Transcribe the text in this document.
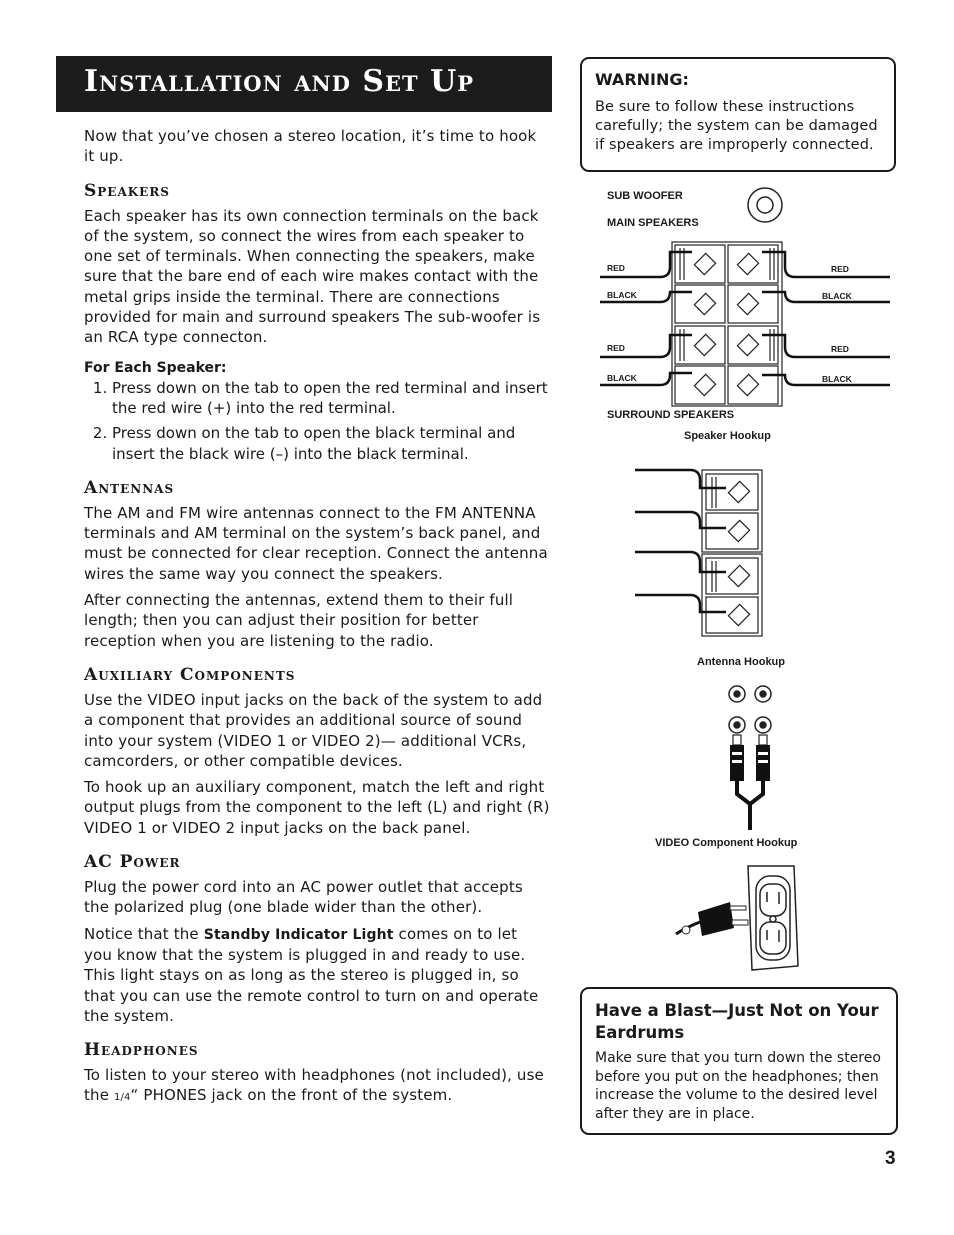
Installation and Set Up

Now that you’ve chosen a stereo location, it’s time to hook it up.

Speakers

Each speaker has its own connection terminals on the back of the system, so connect the wires from each speaker to one set of terminals. When connecting the speakers, make sure that the bare end of each wire makes contact with the metal grips inside the terminal. There are connections provided for main and surround speakers The sub-woofer is an RCA type connecton.

For Each Speaker:
1. Press down on the tab to open the red terminal and insert the red wire (+) into the red terminal.
2. Press down on the tab to open the black terminal and insert the black wire (–) into the black terminal.
Antennas

The AM and FM wire antennas connect to the FM ANTENNA terminals and AM terminal on the system’s back panel, and must be connected for clear reception. Connect the antenna wires the same way you connect the speakers.

After connecting the antennas, extend them to their full length; then you can adjust their position for better reception when you are listening to the radio.

Auxiliary Components

Use the VIDEO input jacks on the back of the system to add a component that provides an additional source of sound into your system (VIDEO 1 or VIDEO 2)— additional VCRs, camcorders, or other compatible devices.

To hook up an auxiliary component, match the left and right output plugs from the component to the left (L) and right (R) VIDEO 1 or VIDEO 2 input jacks on the back panel.

AC Power

Plug the power cord into an AC power outlet that accepts the polarized plug (one blade wider than the other).

Notice that the Standby Indicator Light comes on to let you know that the system is plugged in and ready to use. This light stays on as long as the stereo is plugged in, so that you can use the remote control to turn on and operate the system.

Headphones

To listen to your stereo with headphones (not included), use the 1/4“ PHONES jack on the front of the system.

WARNING:
Be sure to follow these instructions carefully; the system can be damaged if speakers are improperly connected.
SUB WOOFER
MAIN SPEAKERS
RED
BLACK
RED
BLACK
RED
BLACK
RED
BLACK
SURROUND SPEAKERS
Speaker Hookup
Antenna Hookup
VIDEO Component Hookup
Have a Blast—Just Not on Your Eardrums
Make sure that you turn down the stereo before you put on the headphones; then increase the volume to the desired level after they are in place.
3
